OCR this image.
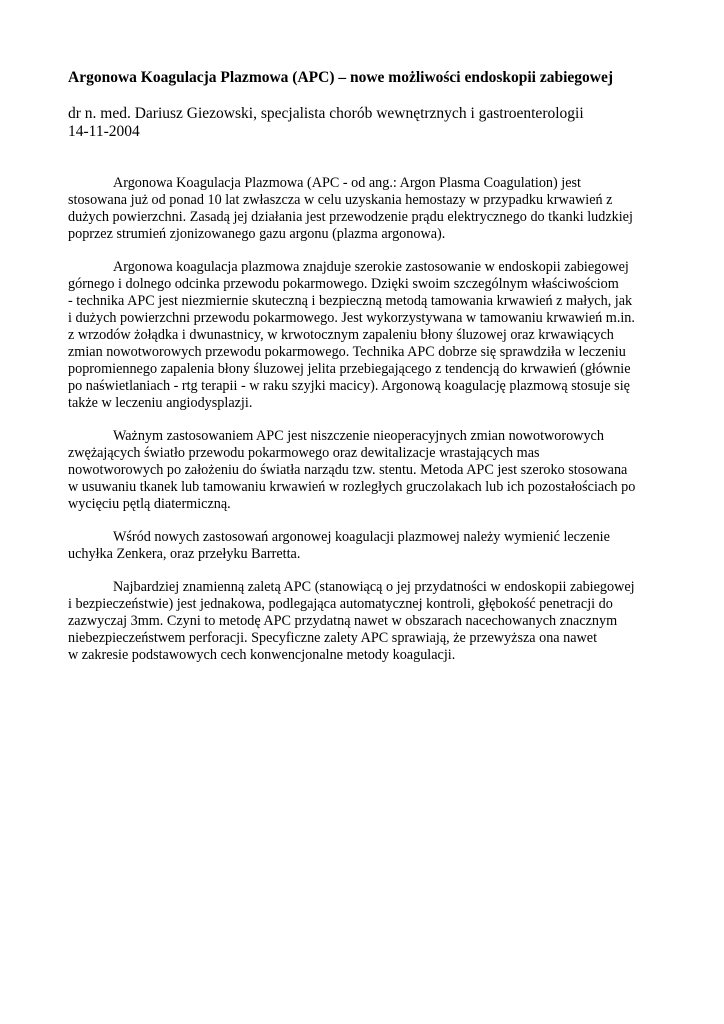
Argonowa Koagulacja Plazmowa (APC) – nowe możliwości endoskopii zabiegowej

dr n. med. Dariusz Giezowski, specjalista chorób wewnętrznych i gastroenterologii

14-11-2004

Argonowa Koagulacja Plazmowa (APC - od ang.: Argon Plasma Coagulation) jest
stosowana już od ponad 10 lat zwłaszcza w celu uzyskania hemostazy w przypadku krwawień z
dużych powierzchni. Zasadą jej działania jest przewodzenie prądu elektrycznego do tkanki ludzkiej
poprzez strumień zjonizowanego gazu argonu (plazma argonowa).

Argonowa koagulacja plazmowa znajduje szerokie zastosowanie w endoskopii zabiegowej
górnego i dolnego odcinka przewodu pokarmowego. Dzięki swoim szczególnym właściwościom
- technika APC jest niezmiernie skuteczną i bezpieczną metodą tamowania krwawień z małych, jak
i dużych powierzchni przewodu pokarmowego. Jest wykorzystywana w tamowaniu krwawień m.in.
z wrzodów żołądka i dwunastnicy, w krwotocznym zapaleniu błony śluzowej oraz krwawiących
zmian nowotworowych przewodu pokarmowego. Technika APC dobrze się sprawdziła w leczeniu
popromiennego zapalenia błony śluzowej jelita przebiegającego z tendencją do krwawień (głównie
po naświetlaniach - rtg terapii - w raku szyjki macicy). Argonową koagulację plazmową stosuje się
także w leczeniu angiodysplazji.

Ważnym zastosowaniem APC jest niszczenie nieoperacyjnych zmian nowotworowych
zwężających światło przewodu pokarmowego oraz dewitalizacje wrastających mas
nowotworowych po założeniu do światła narządu tzw. stentu. Metoda APC jest szeroko stosowana
w usuwaniu tkanek lub tamowaniu krwawień w rozległych gruczolakach lub ich pozostałościach po
wycięciu pętlą diatermiczną.

Wśród nowych zastosowań argonowej koagulacji plazmowej należy wymienić leczenie
uchyłka Zenkera, oraz przełyku Barretta.

Najbardziej znamienną zaletą APC (stanowiącą o jej przydatności w endoskopii zabiegowej
i bezpieczeństwie) jest jednakowa, podlegająca automatycznej kontroli, głębokość penetracji do
zazwyczaj 3mm. Czyni to metodę APC przydatną nawet w obszarach nacechowanych znacznym
niebezpieczeństwem perforacji. Specyficzne zalety APC sprawiają, że przewyższa ona nawet
w zakresie podstawowych cech konwencjonalne metody koagulacji.
